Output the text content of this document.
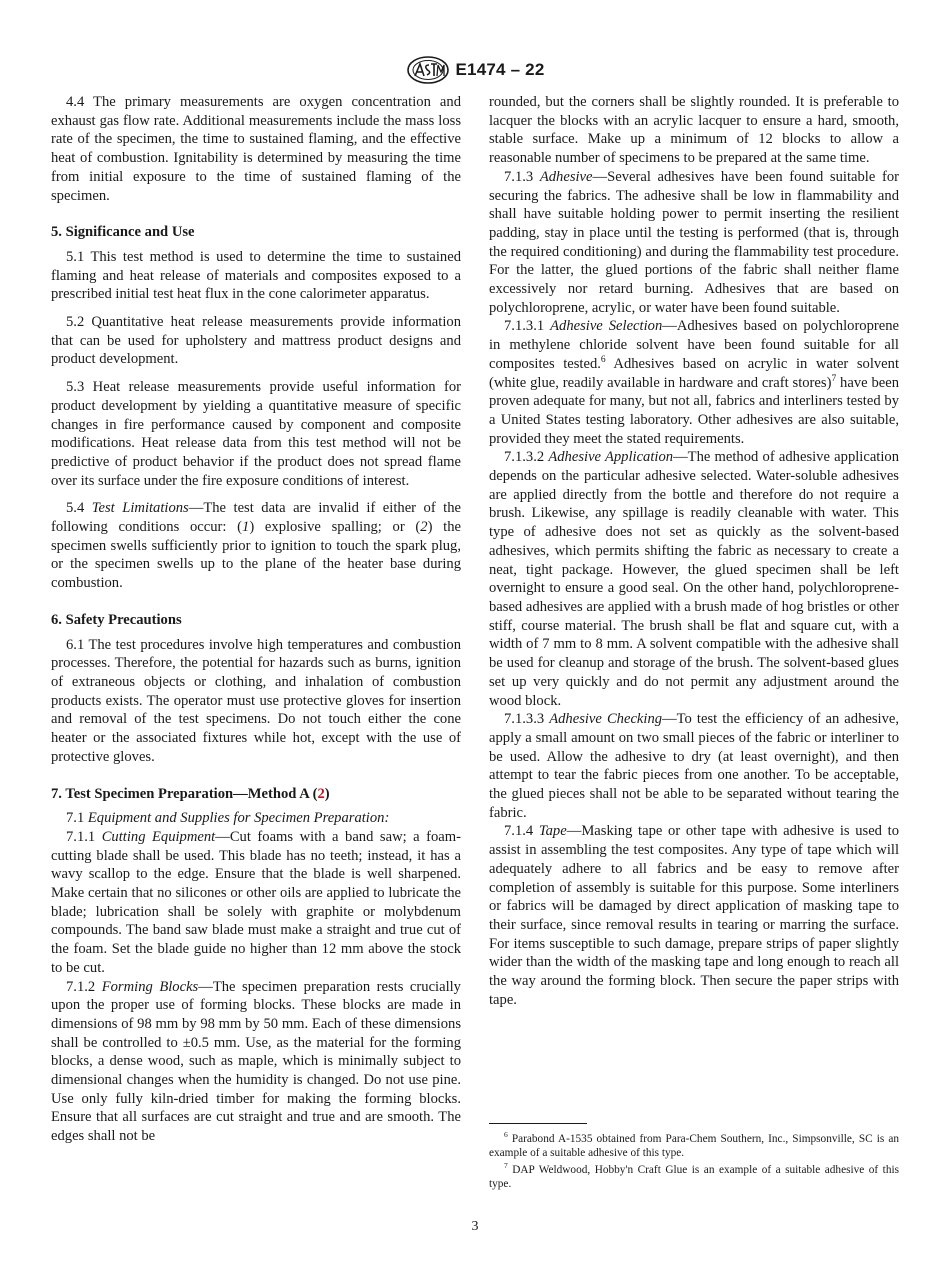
E1474 – 22

4.4 The primary measurements are oxygen concentration and exhaust gas flow rate. Additional measurements include the mass loss rate of the specimen, the time to sustained flaming, and the effective heat of combustion. Ignitability is determined by measuring the time from initial exposure to the time of sustained flaming of the specimen.

5. Significance and Use

5.1 This test method is used to determine the time to sustained flaming and heat release of materials and composites exposed to a prescribed initial test heat flux in the cone calorimeter apparatus.

5.2 Quantitative heat release measurements provide information that can be used for upholstery and mattress product designs and product development.

5.3 Heat release measurements provide useful information for product development by yielding a quantitative measure of specific changes in fire performance caused by component and composite modifications. Heat release data from this test method will not be predictive of product behavior if the product does not spread flame over its surface under the fire exposure conditions of interest.

5.4 Test Limitations—The test data are invalid if either of the following conditions occur: (1) explosive spalling; or (2) the specimen swells sufficiently prior to ignition to touch the spark plug, or the specimen swells up to the plane of the heater base during combustion.

6. Safety Precautions

6.1 The test procedures involve high temperatures and combustion processes. Therefore, the potential for hazards such as burns, ignition of extraneous objects or clothing, and inhalation of combustion products exists. The operator must use protective gloves for insertion and removal of the test specimens. Do not touch either the cone heater or the associated fixtures while hot, except with the use of protective gloves.

7. Test Specimen Preparation—Method A (2)

7.1 Equipment and Supplies for Specimen Preparation:

7.1.1 Cutting Equipment—Cut foams with a band saw; a foam-cutting blade shall be used. This blade has no teeth; instead, it has a wavy scallop to the edge. Ensure that the blade is well sharpened. Make certain that no silicones or other oils are applied to lubricate the blade; lubrication shall be solely with graphite or molybdenum compounds. The band saw blade must make a straight and true cut of the foam. Set the blade guide no higher than 12 mm above the stock to be cut.

7.1.2 Forming Blocks—The specimen preparation rests crucially upon the proper use of forming blocks. These blocks are made in dimensions of 98 mm by 98 mm by 50 mm. Each of these dimensions shall be controlled to ±0.5 mm. Use, as the material for the forming blocks, a dense wood, such as maple, which is minimally subject to dimensional changes when the humidity is changed. Do not use pine. Use only fully kiln-dried timber for making the forming blocks. Ensure that all surfaces are cut straight and true and are smooth. The edges shall not be

rounded, but the corners shall be slightly rounded. It is preferable to lacquer the blocks with an acrylic lacquer to ensure a hard, smooth, stable surface. Make up a minimum of 12 blocks to allow a reasonable number of specimens to be prepared at the same time.

7.1.3 Adhesive—Several adhesives have been found suitable for securing the fabrics. The adhesive shall be low in flammability and shall have suitable holding power to permit inserting the resilient padding, stay in place until the testing is performed (that is, through the required conditioning) and during the flammability test procedure. For the latter, the glued portions of the fabric shall neither flame excessively nor retard burning. Adhesives that are based on polychloroprene, acrylic, or water have been found suitable.

7.1.3.1 Adhesive Selection—Adhesives based on polychloroprene in methylene chloride solvent have been found suitable for all composites tested.$^6$ Adhesives based on acrylic in water solvent (white glue, readily available in hardware and craft stores)$^7$ have been proven adequate for many, but not all, fabrics and interliners tested by a United States testing laboratory. Other adhesives are also suitable, provided they meet the stated requirements.

7.1.3.2 Adhesive Application—The method of adhesive application depends on the particular adhesive selected. Water-soluble adhesives are applied directly from the bottle and therefore do not require a brush. Likewise, any spillage is readily cleanable with water. This type of adhesive does not set as quickly as the solvent-based adhesives, which permits shifting the fabric as necessary to create a neat, tight package. However, the glued specimen shall be left overnight to ensure a good seal. On the other hand, polychloroprene-based adhesives are applied with a brush made of hog bristles or other stiff, course material. The brush shall be flat and square cut, with a width of 7 mm to 8 mm. A solvent compatible with the adhesive shall be used for cleanup and storage of the brush. The solvent-based glues set up very quickly and do not permit any adjustment around the wood block.

7.1.3.3 Adhesive Checking—To test the efficiency of an adhesive, apply a small amount on two small pieces of the fabric or interliner to be used. Allow the adhesive to dry (at least overnight), and then attempt to tear the fabric pieces from one another. To be acceptable, the glued pieces shall not be able to be separated without tearing the fabric.

7.1.4 Tape—Masking tape or other tape with adhesive is used to assist in assembling the test composites. Any type of tape which will adequately adhere to all fabrics and be easy to remove after completion of assembly is suitable for this purpose. Some interliners or fabrics will be damaged by direct application of masking tape to their surface, since removal results in tearing or marring the surface. For items susceptible to such damage, prepare strips of paper slightly wider than the width of the masking tape and long enough to reach all the way around the forming block. Then secure the paper strips with tape.

$^6$ Parabond A-1535 obtained from Para-Chem Southern, Inc., Simpsonville, SC is an example of a suitable adhesive of this type.

$^7$ DAP Weldwood, Hobby'n Craft Glue is an example of a suitable adhesive of this type.

3
